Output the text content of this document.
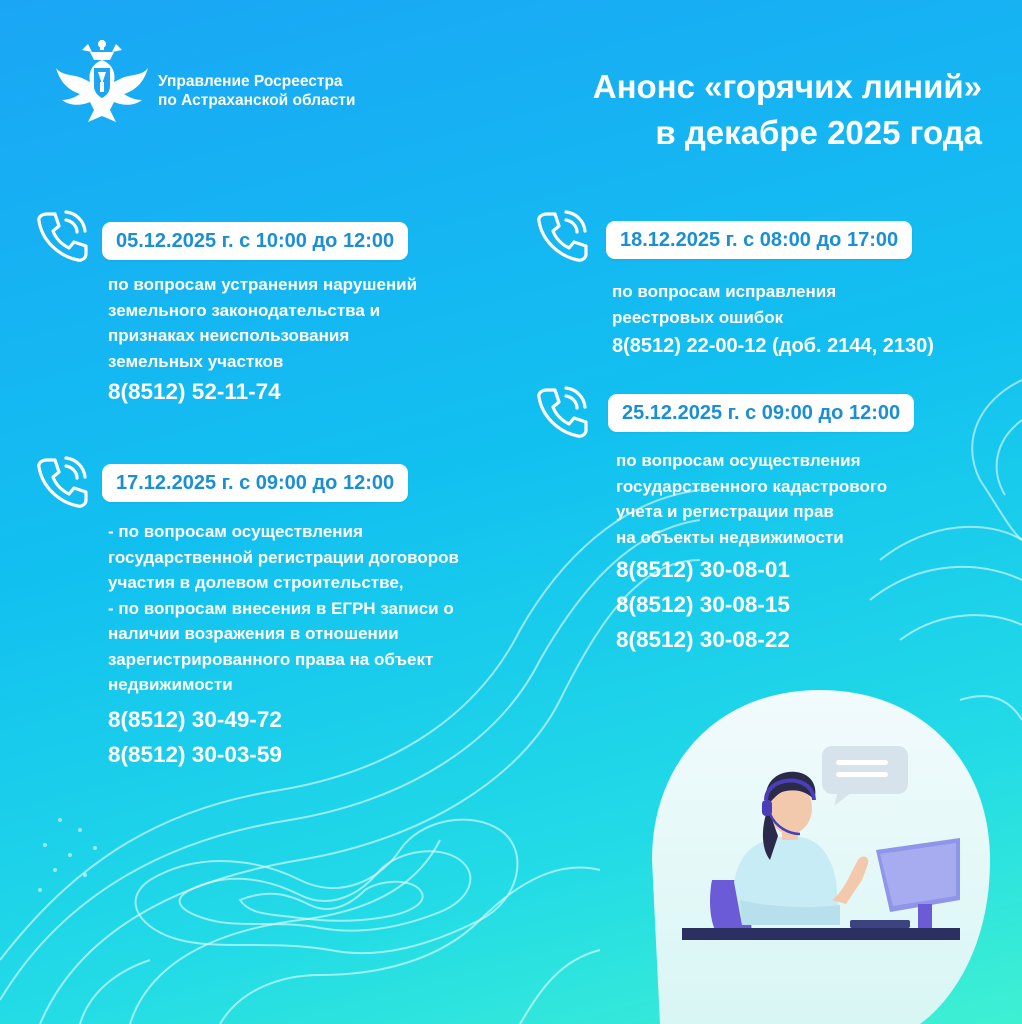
Управление Росреестра
по Астраханской области	Анонс «горячих линий»
в декабре 2025 года
05.12.2025 г. с 10:00 до 12:00
по вопросам устранения нарушений
земельного законодательства и
признаках неиспользования
земельных участков
8(8512) 52-11-74
17.12.2025 г. с 09:00 до 12:00
- по вопросам осуществления
государственной регистрации договоров
участия в долевом строительстве,
- по вопросам внесения в ЕГРН записи о
наличии возражения в отношении
зарегистрированного права на объект
недвижимости
8(8512) 30-49-72
8(8512) 30-03-59
18.12.2025 г. с 08:00 до 17:00
по вопросам исправления
реестровых ошибок
8(8512) 22-00-12 (доб. 2144, 2130)
25.12.2025 г. с 09:00 до 12:00
по вопросам осуществления
государственного кадастрового
учета и регистрации прав
на объекты недвижимости
8(8512) 30-08-01
8(8512) 30-08-15
8(8512) 30-08-22
